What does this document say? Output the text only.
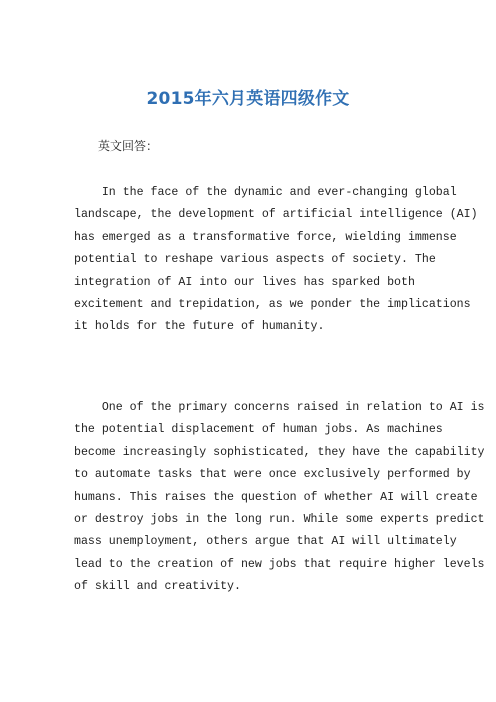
2015年六月英语四级作文
英文回答：

In the face of the dynamic and ever-changing global
landscape, the development of artificial intelligence (AI)
has emerged as a transformative force, wielding immense
potential to reshape various aspects of society. The
integration of AI into our lives has sparked both
excitement and trepidation, as we ponder the implications
it holds for the future of humanity.

One of the primary concerns raised in relation to AI is
the potential displacement of human jobs. As machines
become increasingly sophisticated, they have the capability
to automate tasks that were once exclusively performed by
humans. This raises the question of whether AI will create
or destroy jobs in the long run. While some experts predict
mass unemployment, others argue that AI will ultimately
lead to the creation of new jobs that require higher levels
of skill and creativity.
